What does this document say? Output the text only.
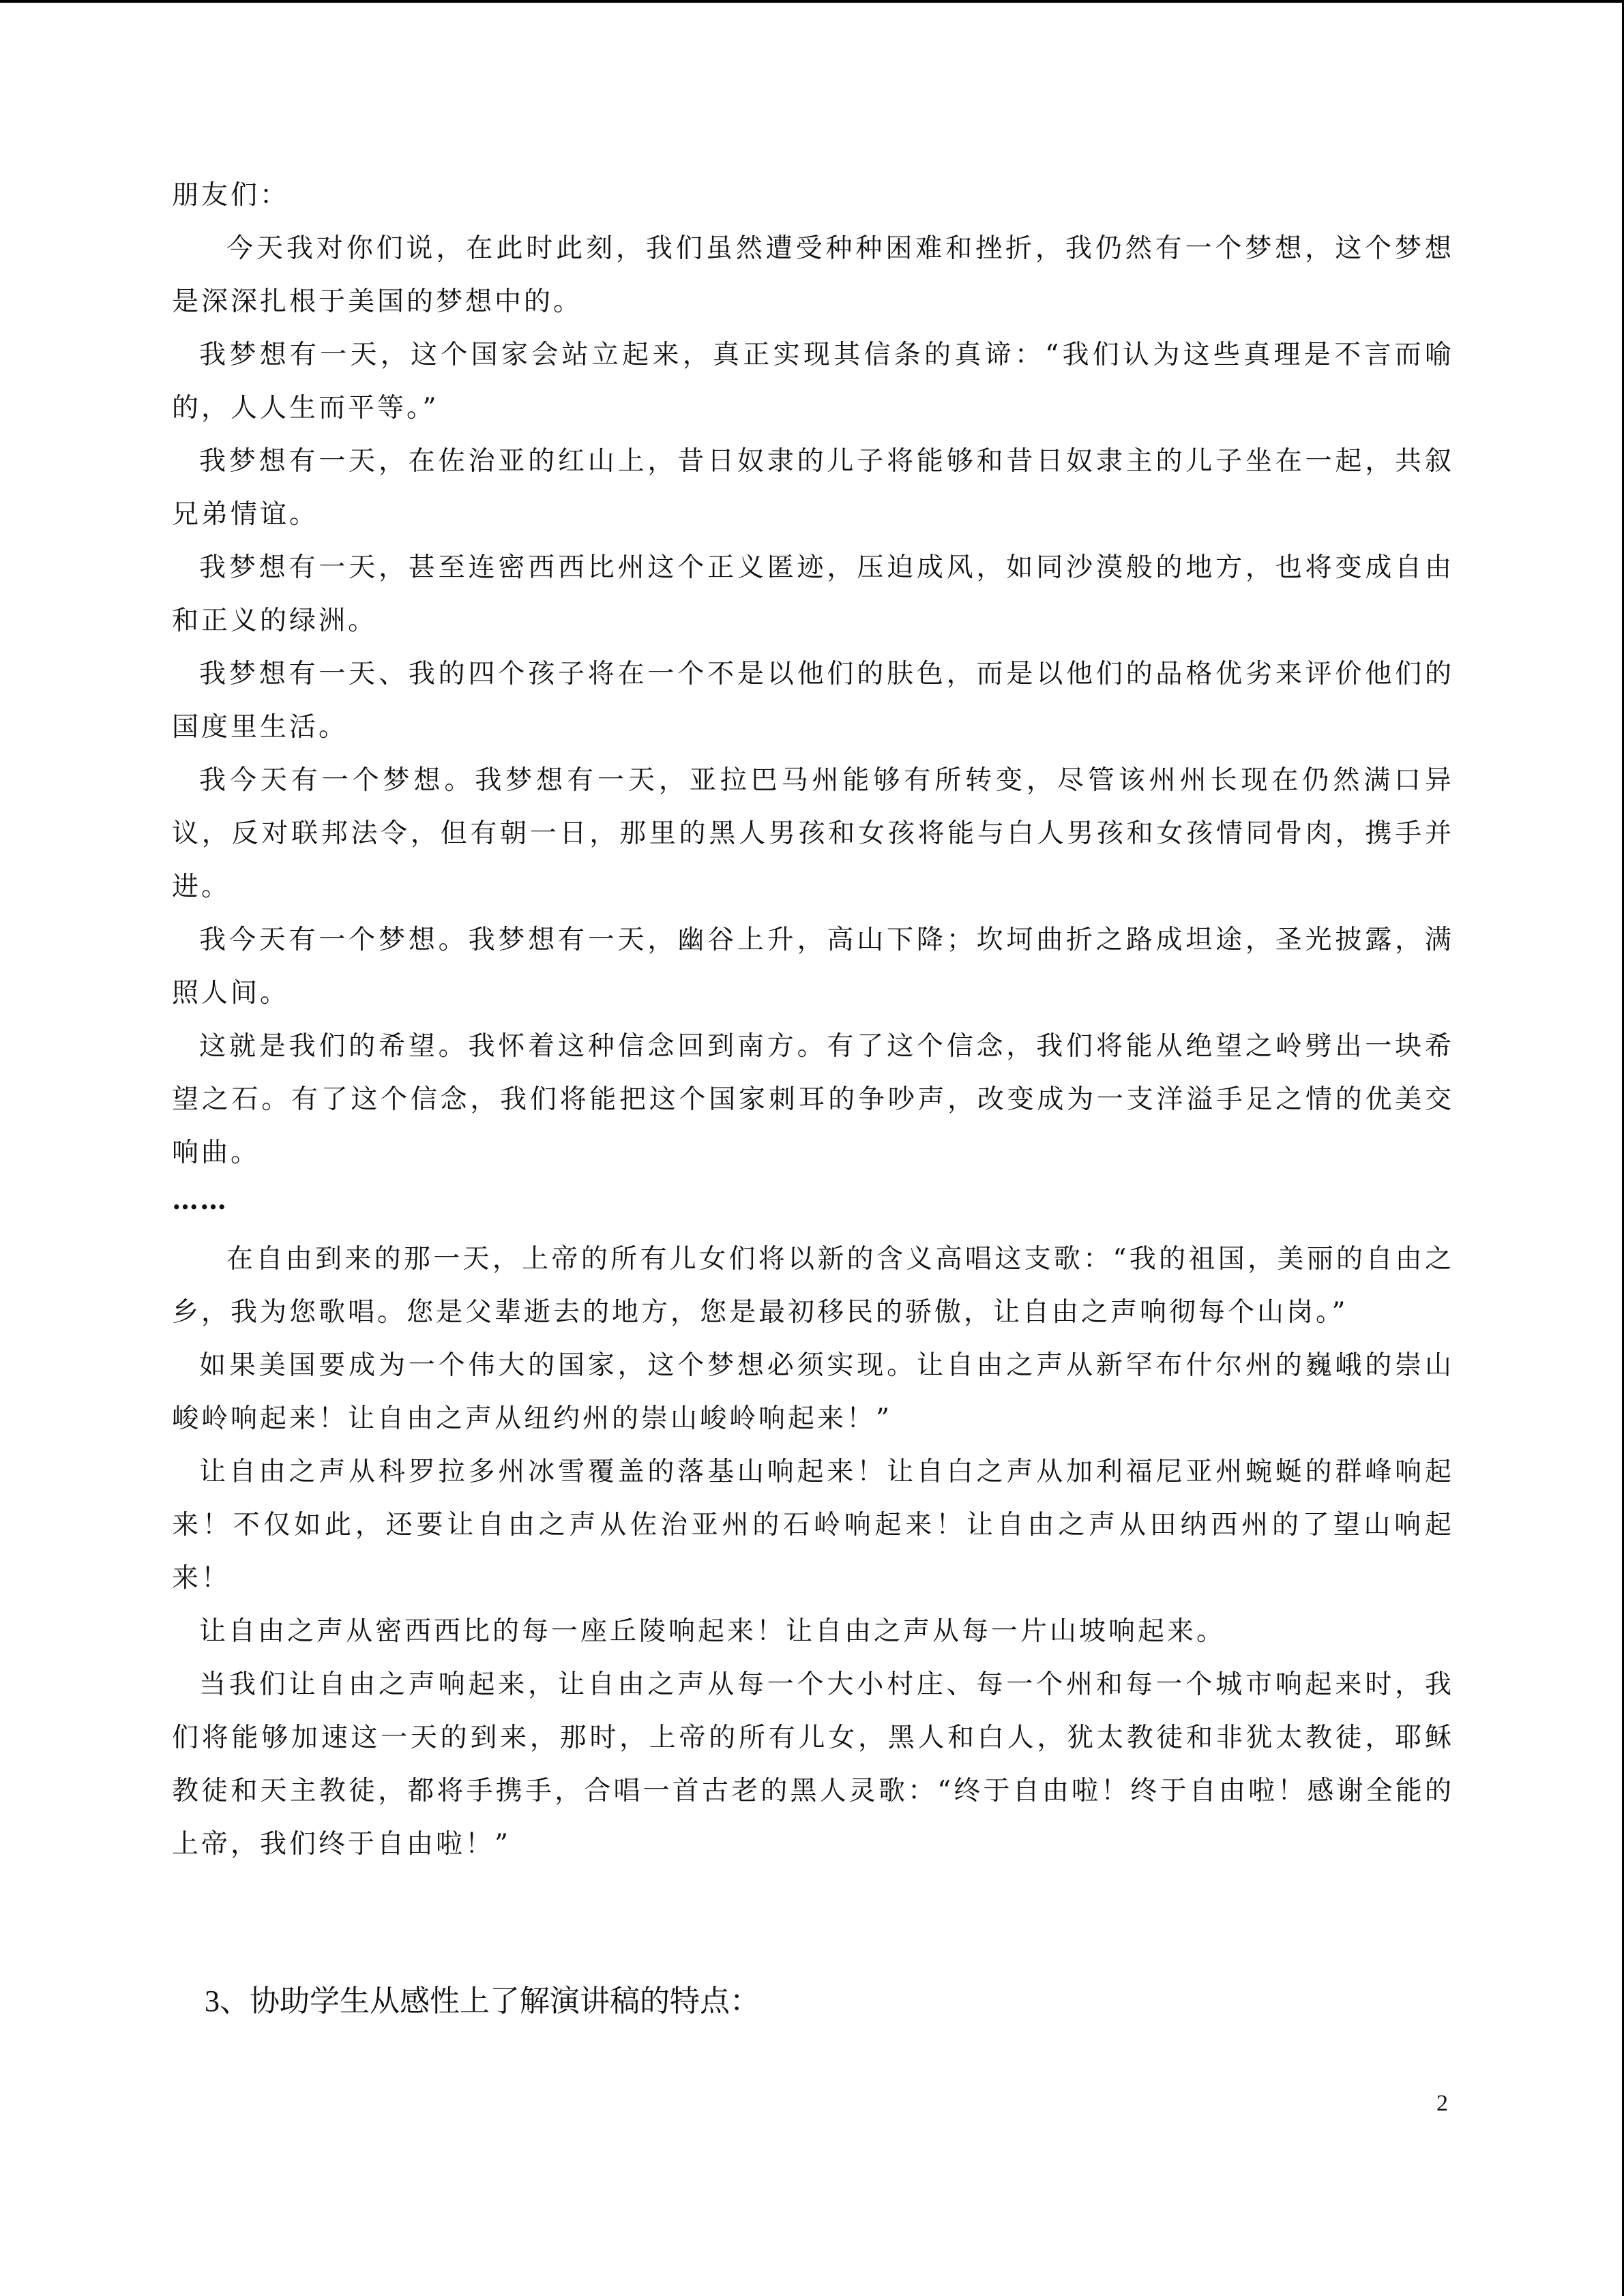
朋友们：

今天我对你们说，在此时此刻，我们虽然遭受种种困难和挫折，我仍然有一个梦想，这个梦想是深深扎根于美国的梦想中的。

我梦想有一天，这个国家会站立起来，真正实现其信条的真谛：“我们认为这些真理是不言而喻的，人人生而平等。”

我梦想有一天，在佐治亚的红山上，昔日奴隶的儿子将能够和昔日奴隶主的儿子坐在一起，共叙兄弟情谊。

我梦想有一天，甚至连密西西比州这个正义匿迹，压迫成风，如同沙漠般的地方，也将变成自由和正义的绿洲。

我梦想有一天、我的四个孩子将在一个不是以他们的肤色，而是以他们的品格优劣来评价他们的国度里生活。

我今天有一个梦想。我梦想有一天，亚拉巴马州能够有所转变，尽管该州州长现在仍然满口异议，反对联邦法令，但有朝一日，那里的黑人男孩和女孩将能与白人男孩和女孩情同骨肉，携手并进。

我今天有一个梦想。我梦想有一天，幽谷上升，高山下降；坎坷曲折之路成坦途，圣光披露，满照人间。

这就是我们的希望。我怀着这种信念回到南方。有了这个信念，我们将能从绝望之岭劈出一块希望之石。有了这个信念，我们将能把这个国家刺耳的争吵声，改变成为一支洋溢手足之情的优美交响曲。

……

在自由到来的那一天，上帝的所有儿女们将以新的含义高唱这支歌：“我的祖国，美丽的自由之乡，我为您歌唱。您是父辈逝去的地方，您是最初移民的骄傲，让自由之声响彻每个山岗。”

如果美国要成为一个伟大的国家，这个梦想必须实现。让自由之声从新罕布什尔州的巍峨的崇山峻岭响起来！让自由之声从纽约州的崇山峻岭响起来！”

让自由之声从科罗拉多州冰雪覆盖的落基山响起来！让自白之声从加利福尼亚州蜿蜒的群峰响起来！不仅如此，还要让自由之声从佐治亚州的石岭响起来！让自由之声从田纳西州的了望山响起来！

让自由之声从密西西比的每一座丘陵响起来！让自由之声从每一片山坡响起来。

当我们让自由之声响起来，让自由之声从每一个大小村庄、每一个州和每一个城市响起来时，我们将能够加速这一天的到来，那时，上帝的所有儿女，黑人和白人，犹太教徒和非犹太教徒，耶稣教徒和天主教徒，都将手携手，合唱一首古老的黑人灵歌：“终于自由啦！终于自由啦！感谢全能的上帝，我们终于自由啦！”

3、协助学生从感性上了解演讲稿的特点：
2
